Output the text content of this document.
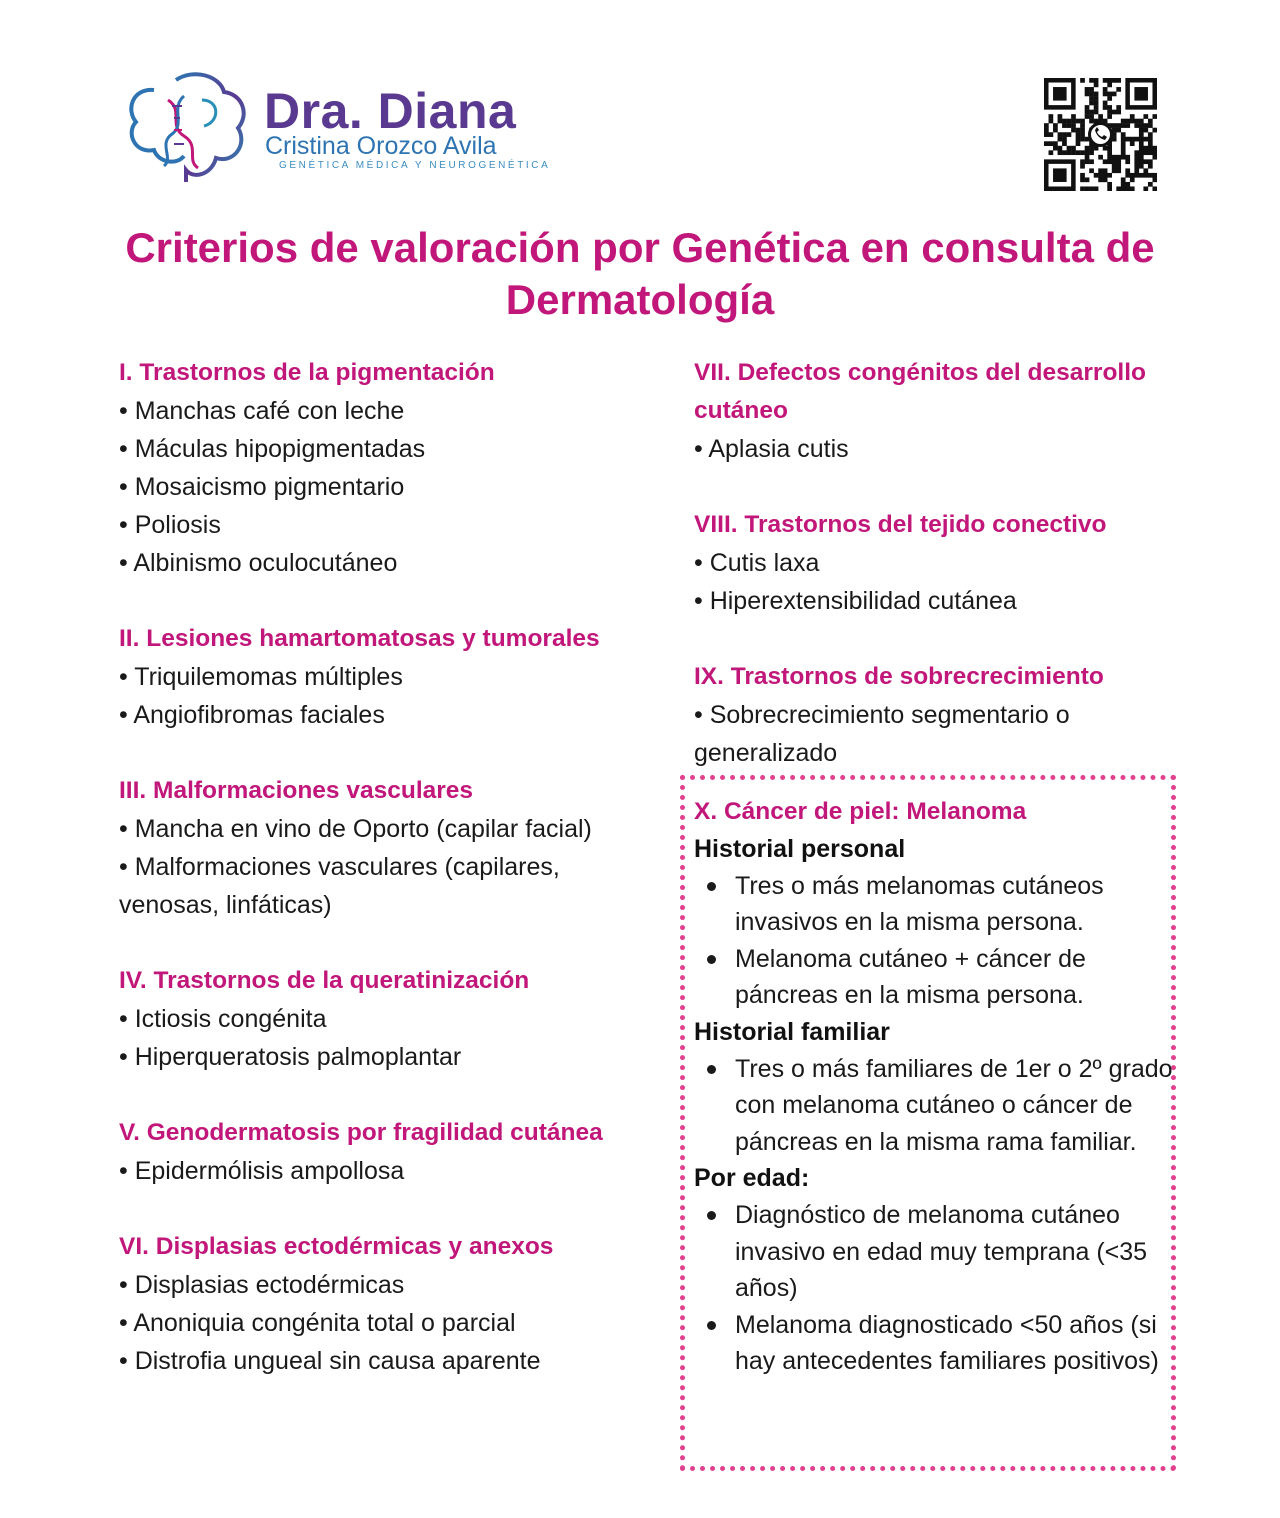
Dra. Diana
Cristina Orozco Avila
GENÉTICA MÉDICA Y NEUROGENÉTICA
Criterios de valoración por Genética en consulta de Dermatología
I. Trastornos de la pigmentación
• Manchas café con leche
• Máculas hipopigmentadas
• Mosaicismo pigmentario
• Poliosis
• Albinismo oculocutáneo
II. Lesiones hamartomatosas y tumorales
• Triquilemomas múltiples
• Angiofibromas faciales
III. Malformaciones vasculares
• Mancha en vino de Oporto (capilar facial)
• Malformaciones vasculares (capilares, venosas, linfáticas)
IV. Trastornos de la queratinización
• Ictiosis congénita
• Hiperqueratosis palmoplantar
V. Genodermatosis por fragilidad cutánea
• Epidermólisis ampollosa
VI. Displasias ectodérmicas y anexos
• Displasias ectodérmicas
• Anoniquia congénita total o parcial
• Distrofia ungueal sin causa aparente
VII. Defectos congénitos del desarrollo cutáneo
• Aplasia cutis
VIII. Trastornos del tejido conectivo
• Cutis laxa
• Hiperextensibilidad cutánea
IX. Trastornos de sobrecrecimiento
• Sobrecrecimiento segmentario o generalizado
X. Cáncer de piel: Melanoma
Historial personal
Tres o más melanomas cutáneos invasivos en la misma persona.
Melanoma cutáneo + cáncer de páncreas en la misma persona.
Historial familiar
Tres o más familiares de 1er o 2º grado con melanoma cutáneo o cáncer de páncreas en la misma rama familiar.
Por edad:
Diagnóstico de melanoma cutáneo invasivo en edad muy temprana (<35 años)
Melanoma diagnosticado <50 años (si hay antecedentes familiares positivos)
